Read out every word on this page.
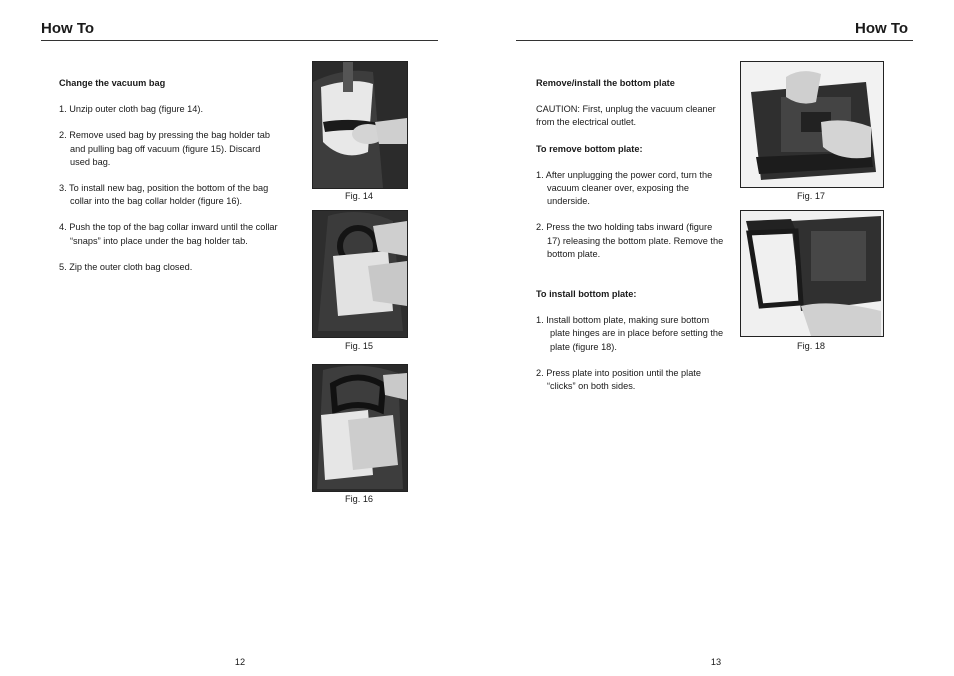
How To

Change the vacuum bag

1. Unzip outer cloth bag (figure 14).

2. Remove used bag by pressing the bag holder tab and pulling bag off vacuum (figure 15). Discard used bag.

3. To install new bag, position the bottom of the bag collar into the bag collar holder (figure 16).

4. Push the top of the bag collar inward until the collar “snaps” into place under the bag holder tab.

5. Zip the outer cloth bag closed.

Fig. 14
Fig. 15
Fig. 16
12
How To

Remove/install the bottom plate

CAUTION: First, unplug the vacuum cleaner from the electrical outlet.

To remove bottom plate:

1. After unplugging the power cord, turn the vacuum cleaner over, exposing the underside.

2. Press the two holding tabs inward (figure 17) releasing the bottom plate. Remove the bottom plate.

To install bottom plate:

1. Install bottom plate, making sure bottom plate hinges are in place before setting the plate (figure 18).

2. Press plate into position until the plate “clicks” on both sides.

Fig. 17
Fig. 18
13
